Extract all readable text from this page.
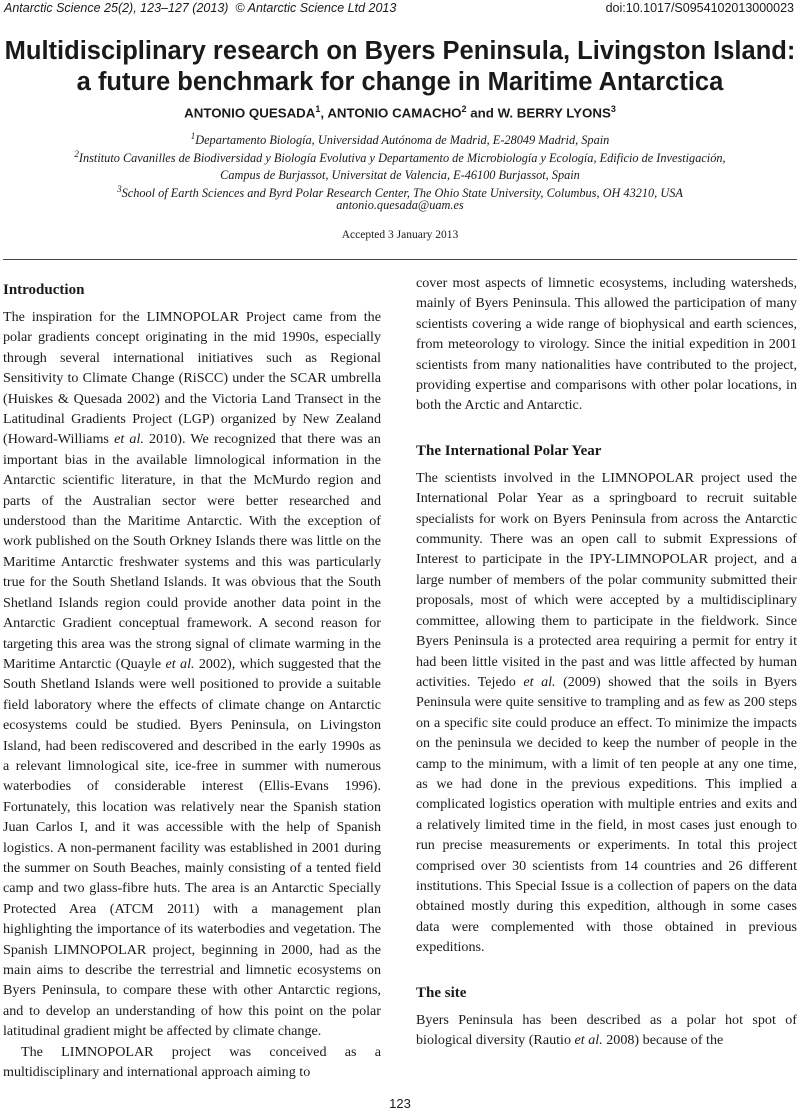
Antarctic Science 25(2), 123–127 (2013) © Antarctic Science Ltd 2013	doi:10.1017/S0954102013000023
Multidisciplinary research on Byers Peninsula, Livingston Island:
a future benchmark for change in Maritime Antarctica
ANTONIO QUESADA$^1$, ANTONIO CAMACHO$^2$ and W. BERRY LYONS$^3$
$^1$Departamento Biología, Universidad Autónoma de Madrid, E-28049 Madrid, Spain
$^2$Instituto Cavanilles de Biodiversidad y Biología Evolutiva y Departamento de Microbiología y Ecología, Edificio de Investigación,
Campus de Burjassot, Universitat de Valencia, E-46100 Burjassot, Spain
$^3$School of Earth Sciences and Byrd Polar Research Center, The Ohio State University, Columbus, OH 43210, USA
antonio.quesada@uam.es
Accepted 3 January 2013
Introduction

The inspiration for the LIMNOPOLAR Project came from the polar gradients concept originating in the mid 1990s, especially through several international initiatives such as Regional Sensitivity to Climate Change (RiSCC) under the SCAR umbrella (Huiskes & Quesada 2002) and the Victoria Land Transect in the Latitudinal Gradients Project (LGP) organized by New Zealand (Howard-Williams et al. 2010). We recognized that there was an important bias in the available limnological information in the Antarctic scientific literature, in that the McMurdo region and parts of the Australian sector were better researched and understood than the Maritime Antarctic. With the exception of work published on the South Orkney Islands there was little on the Maritime Antarctic freshwater systems and this was particularly true for the South Shetland Islands. It was obvious that the South Shetland Islands region could provide another data point in the Antarctic Gradient conceptual framework. A second reason for targeting this area was the strong signal of climate warming in the Maritime Antarctic (Quayle et al. 2002), which suggested that the South Shetland Islands were well positioned to provide a suitable field laboratory where the effects of climate change on Antarctic ecosystems could be studied. Byers Peninsula, on Livingston Island, had been rediscovered and described in the early 1990s as a relevant limnological site, ice-free in summer with numerous waterbodies of considerable interest (Ellis-Evans 1996). Fortunately, this location was relatively near the Spanish station Juan Carlos I, and it was accessible with the help of Spanish logistics. A non-permanent facility was established in 2001 during the summer on South Beaches, mainly consisting of a tented field camp and two glass-fibre huts. The area is an Antarctic Specially Protected Area (ATCM 2011) with a management plan highlighting the importance of its waterbodies and vegetation. The Spanish LIMNOPOLAR project, beginning in 2000, had as the main aims to describe the terrestrial and limnetic ecosystems on Byers Peninsula, to compare these with other Antarctic regions, and to develop an understanding of how this point on the polar latitudinal gradient might be affected by climate change.

The LIMNOPOLAR project was conceived as a multidisciplinary and international approach aiming to

cover most aspects of limnetic ecosystems, including watersheds, mainly of Byers Peninsula. This allowed the participation of many scientists covering a wide range of biophysical and earth sciences, from meteorology to virology. Since the initial expedition in 2001 scientists from many nationalities have contributed to the project, providing expertise and comparisons with other polar locations, in both the Arctic and Antarctic.

The International Polar Year

The scientists involved in the LIMNOPOLAR project used the International Polar Year as a springboard to recruit suitable specialists for work on Byers Peninsula from across the Antarctic community. There was an open call to submit Expressions of Interest to participate in the IPY-LIMNOPOLAR project, and a large number of members of the polar community submitted their proposals, most of which were accepted by a multidisciplinary committee, allowing them to participate in the fieldwork. Since Byers Peninsula is a protected area requiring a permit for entry it had been little visited in the past and was little affected by human activities. Tejedo et al. (2009) showed that the soils in Byers Peninsula were quite sensitive to trampling and as few as 200 steps on a specific site could produce an effect. To minimize the impacts on the peninsula we decided to keep the number of people in the camp to the minimum, with a limit of ten people at any one time, as we had done in the previous expeditions. This implied a complicated logistics operation with multiple entries and exits and a relatively limited time in the field, in most cases just enough to run precise measurements or experiments. In total this project comprised over 30 scientists from 14 countries and 26 different institutions. This Special Issue is a collection of papers on the data obtained mostly during this expedition, although in some cases data were complemented with those obtained in previous expeditions.

The site

Byers Peninsula has been described as a polar hot spot of biological diversity (Rautio et al. 2008) because of the

123
